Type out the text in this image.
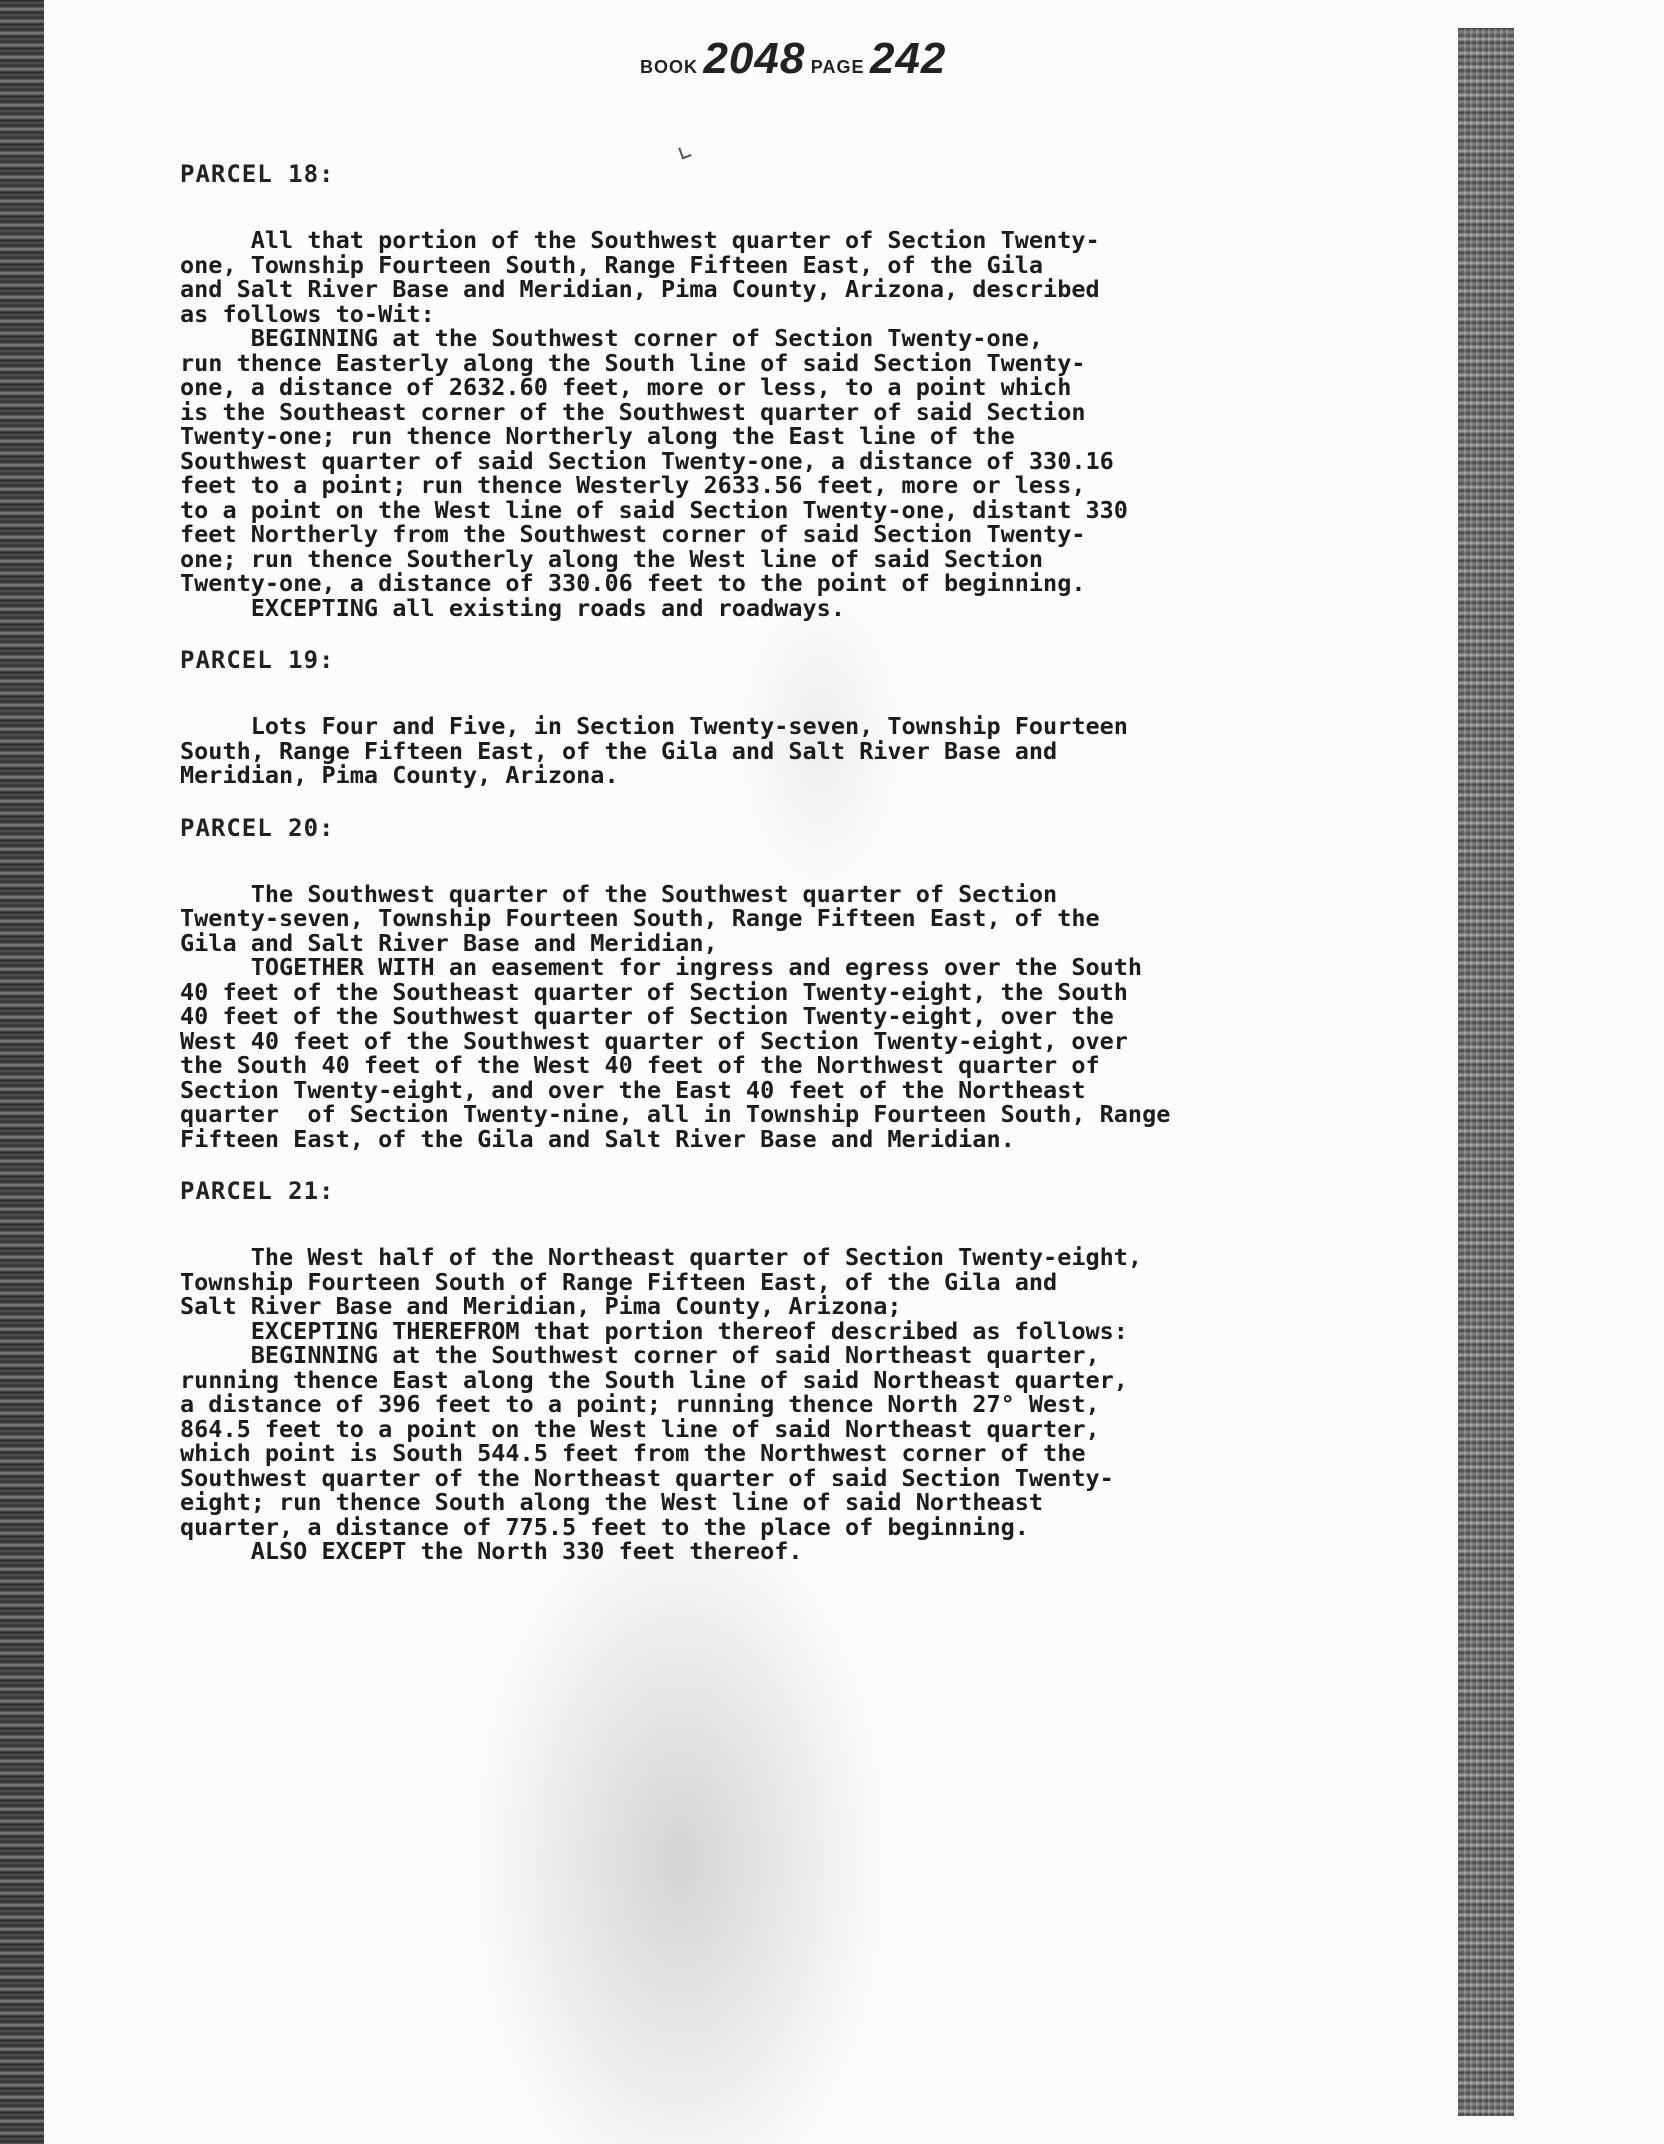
BOOK 2048 PAGE 242
PARCEL 18:

All that portion of the Southwest quarter of Section Twenty-

one, Township Fourteen South, Range Fifteen East, of the Gila

and Salt River Base and Meridian, Pima County, Arizona, described

as follows to-Wit:

BEGINNING at the Southwest corner of Section Twenty-one,

run thence Easterly along the South line of said Section Twenty-

one, a distance of 2632.60 feet, more or less, to a point which

is the Southeast corner of the Southwest quarter of said Section

Twenty-one; run thence Northerly along the East line of the

Southwest quarter of said Section Twenty-one, a distance of 330.16

feet to a point; run thence Westerly 2633.56 feet, more or less,

to a point on the West line of said Section Twenty-one, distant 330

feet Northerly from the Southwest corner of said Section Twenty-

one; run thence Southerly along the West line of said Section

Twenty-one, a distance of 330.06 feet to the point of beginning.

EXCEPTING all existing roads and roadways.

PARCEL 19:

Lots Four and Five, in Section Twenty-seven, Township Fourteen

South, Range Fifteen East, of the Gila and Salt River Base and

Meridian, Pima County, Arizona.

PARCEL 20:

The Southwest quarter of the Southwest quarter of Section

Twenty-seven, Township Fourteen South, Range Fifteen East, of the

Gila and Salt River Base and Meridian,

TOGETHER WITH an easement for ingress and egress over the South

40 feet of the Southeast quarter of Section Twenty-eight, the South

40 feet of the Southwest quarter of Section Twenty-eight, over the

West 40 feet of the Southwest quarter of Section Twenty-eight, over

the South 40 feet of the West 40 feet of the Northwest quarter of

Section Twenty-eight, and over the East 40 feet of the Northeast

quarter  of Section Twenty-nine, all in Township Fourteen South, Range

Fifteen East, of the Gila and Salt River Base and Meridian.

PARCEL 21:

The West half of the Northeast quarter of Section Twenty-eight,

Township Fourteen South of Range Fifteen East, of the Gila and

Salt River Base and Meridian, Pima County, Arizona;

EXCEPTING THEREFROM that portion thereof described as follows:

BEGINNING at the Southwest corner of said Northeast quarter,

running thence East along the South line of said Northeast quarter,

a distance of 396 feet to a point; running thence North 27° West,

864.5 feet to a point on the West line of said Northeast quarter,

which point is South 544.5 feet from the Northwest corner of the

Southwest quarter of the Northeast quarter of said Section Twenty-

eight; run thence South along the West line of said Northeast

quarter, a distance of 775.5 feet to the place of beginning.

ALSO EXCEPT the North 330 feet thereof.
